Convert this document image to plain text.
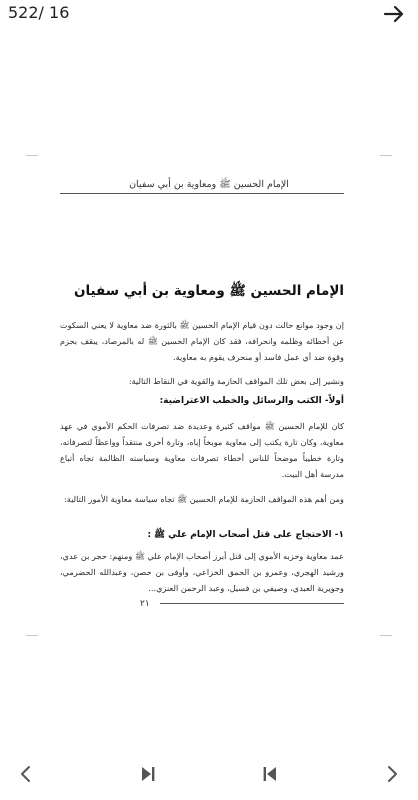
522/ 16
الإمام الحسين ﷺ ومعاوية بن أبي سفيان
الإمام الحسين ﷺ ومعاوية بن أبي سفيان
إن وجود موانع حالت دون قيام الإمام الحسين ﷺ بالثورة ضد معاوية لا يعني السكوت عن أخطائه وظلمه وانحرافه، فقد كان الإمام الحسين ﷺ له بالمرصاد، يبقف بحزم وقوة ضد أي عمل فاسد أو منحرف يقوم به معاوية.
ونشير إلى بعض تلك المواقف الحازمة والقوية في النقاط التالية:
أولاً- الكتب والرسائل والخطب الاعتراضية:
كان للإمام الحسين ﷺ مواقف كثيرة وعديدة ضد تصرفات الحكم الأموي في عهد معاوية، وكان تارة يكتب إلى معاوية موبخاً إياه، وتارة أخرى منتقداً وواعظاً لتصرفاته، وتارة خطيباً موضحاً للناس أخطاء تصرفات معاوية وسياسته الظالمة تجاه أتباع مدرسة أهل البيت.
ومن أهم هذه المواقف الحازمة للإمام الحسين ﷺ تجاه سياسة معاوية الأمور التالية:
١- الاحتجاج على قتل أصحاب الإمام علي ﷺ :
عمد معاوية وحزبه الأموي إلى قتل أبرز أصحاب الإمام علي ﷺ ومنهم: حجر بن عدي، ورشيد الهجري، وعمرو بن الحمق الخزاعي، وأوفى بن حصن، وعبدالله الحضرمي، وجويرية العبدي، وصيفي بن فسيل، وعبد الرحمن العنزي...
٢١
